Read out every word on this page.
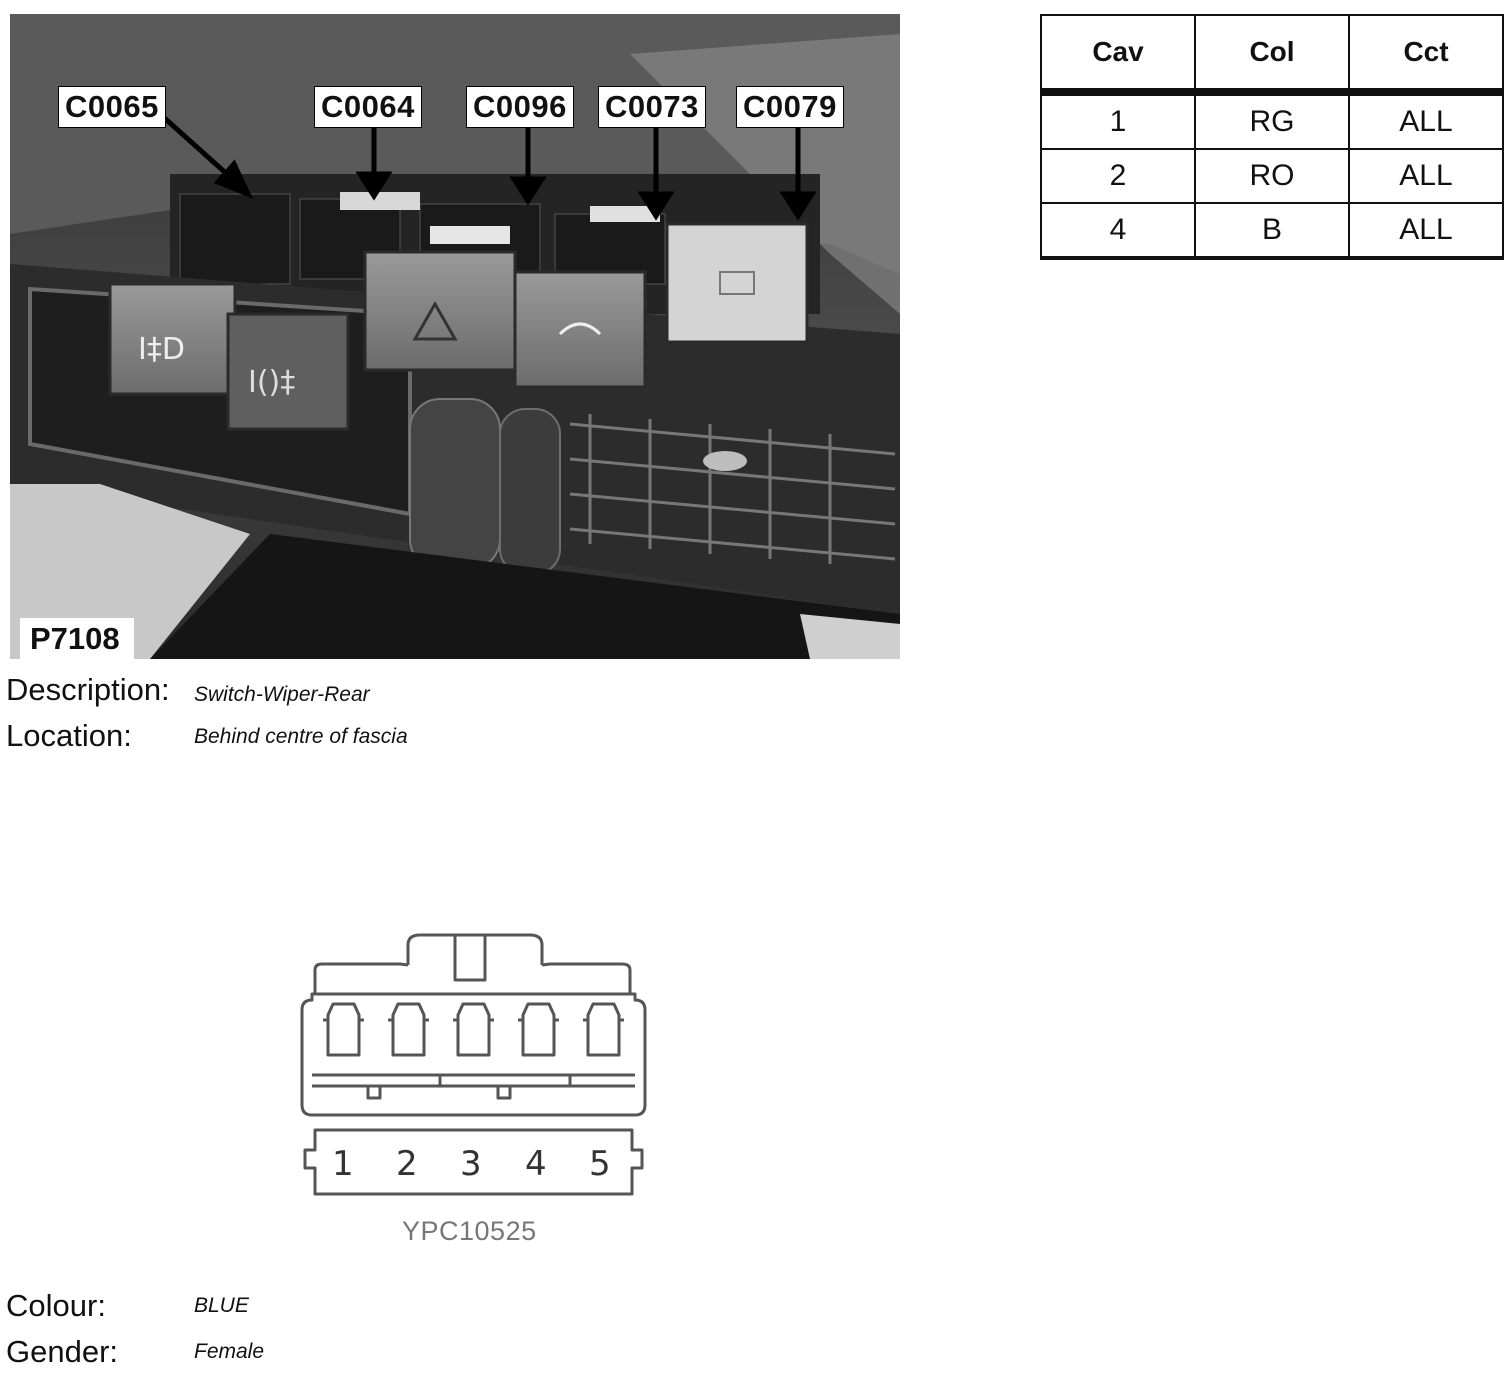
I‡D
I()‡
C0065	C0064 C0096 C0073 C0079
P7108
Description: Switch-Wiper-Rear
Location:	Behind centre of fascia
Cav	Col	Cct
1	RG	ALL
2	RO	ALL
4	B	ALL
1 2 3 4 5
YPC10525
Colour:	BLUE
Gender:	Female
